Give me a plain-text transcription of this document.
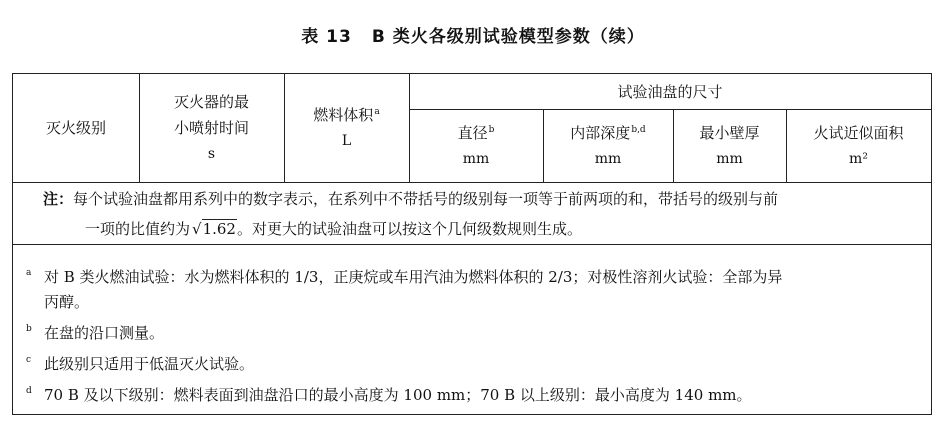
表 13 B 类火各级别试验模型参数（续）
灭火级别
灭火器的最
小喷射时间
s
燃料体积$^a$
L
试验油盘的尺寸
直径$^b$
mm
内部深度$^{b,d}$
mm
最小壁厚
mm
火试近似面积
m²
注：每个试验油盘都用系列中的数字表示，在系列中不带括号的级别每一项等于前两项的和，带括号的级别与前
一项的比值约为 √1.62。对更大的试验油盘可以按这个几何级数规则生成。
a 对 B 类火燃油试验：水为燃料体积的 1/3，正庚烷或车用汽油为燃料体积的 2/3；对极性溶剂火试验：全部为异
丙醇。
b 在盘的沿口测量。
c 此级别只适用于低温灭火试验。
d 70 B 及以下级别：燃料表面到油盘沿口的最小高度为 100 mm；70 B 以上级别：最小高度为 140 mm。
